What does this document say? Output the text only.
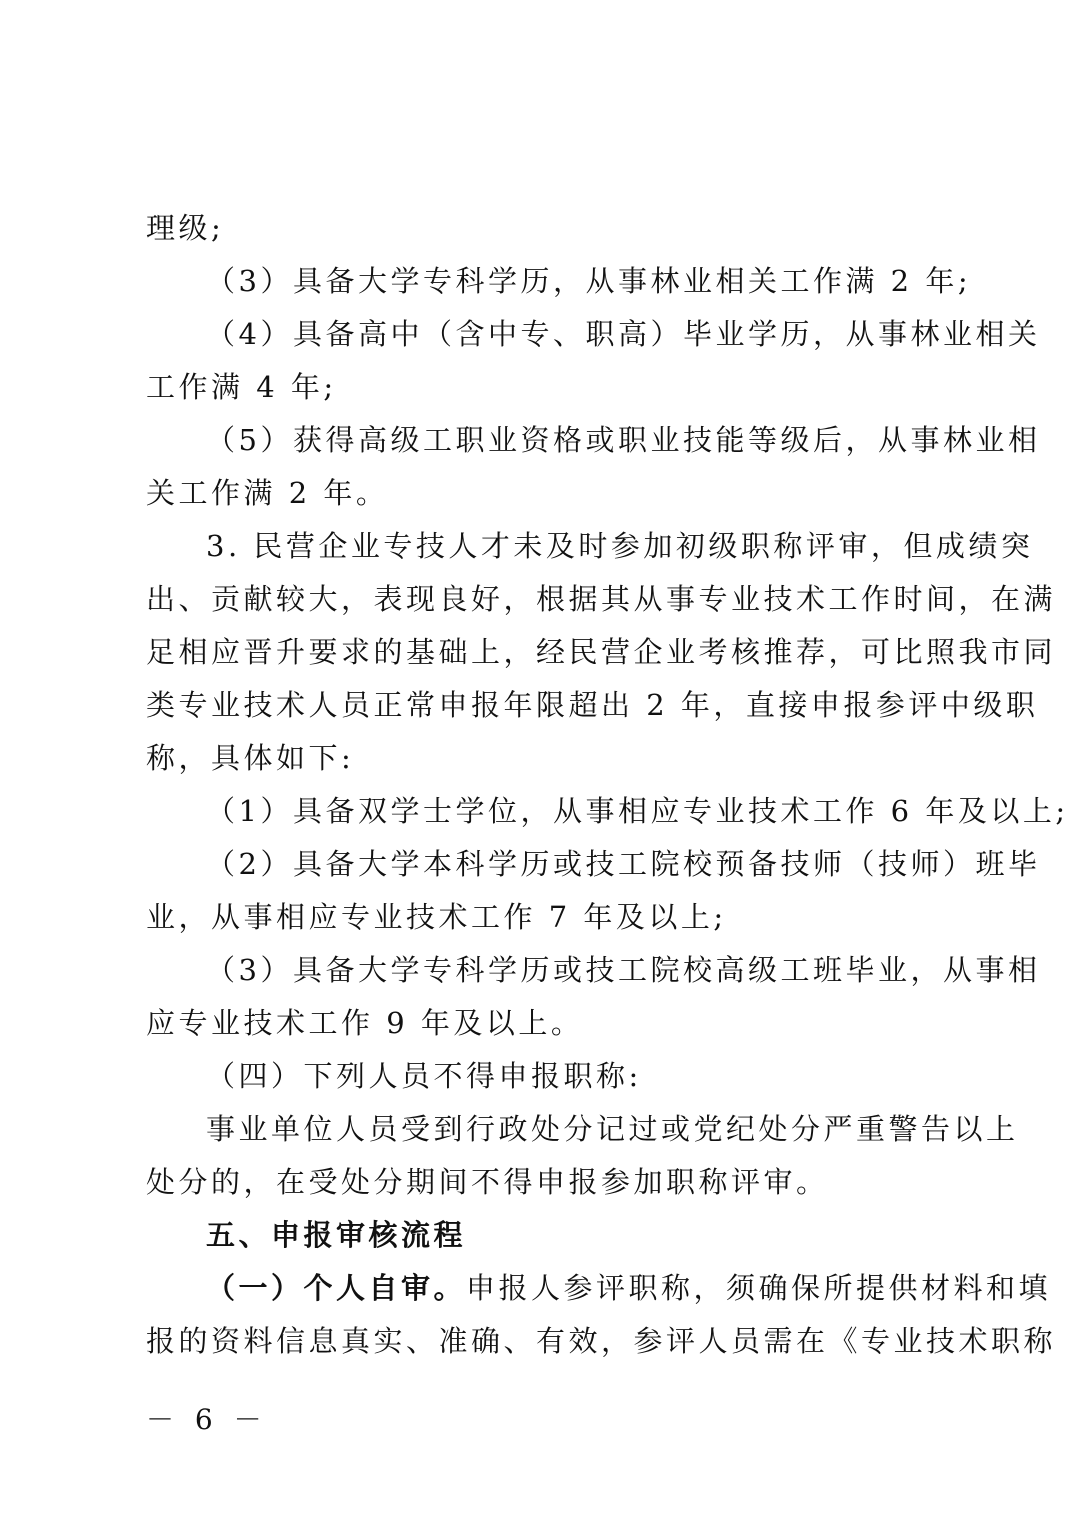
理级;
（3）具备大学专科学历，从事林业相关工作满 2 年;
（4）具备高中（含中专、职高）毕业学历，从事林业相关
工作满 4 年;
（5）获得高级工职业资格或职业技能等级后，从事林业相
关工作满 2 年。
3. 民营企业专技人才未及时参加初级职称评审，但成绩突
出、贡献较大，表现良好，根据其从事专业技术工作时间，在满
足相应晋升要求的基础上，经民营企业考核推荐，可比照我市同
类专业技术人员正常申报年限超出 2 年，直接申报参评中级职
称，具体如下:
（1）具备双学士学位，从事相应专业技术工作 6 年及以上;
（2）具备大学本科学历或技工院校预备技师（技师）班毕
业，从事相应专业技术工作 7 年及以上;
（3）具备大学专科学历或技工院校高级工班毕业，从事相
应专业技术工作 9 年及以上。
（四）下列人员不得申报职称:
事业单位人员受到行政处分记过或党纪处分严重警告以上
处分的，在受处分期间不得申报参加职称评审。
五、申报审核流程
（一）个人自审。申报人参评职称，须确保所提供材料和填
报的资料信息真实、准确、有效，参评人员需在《专业技术职称
－ 6 －
